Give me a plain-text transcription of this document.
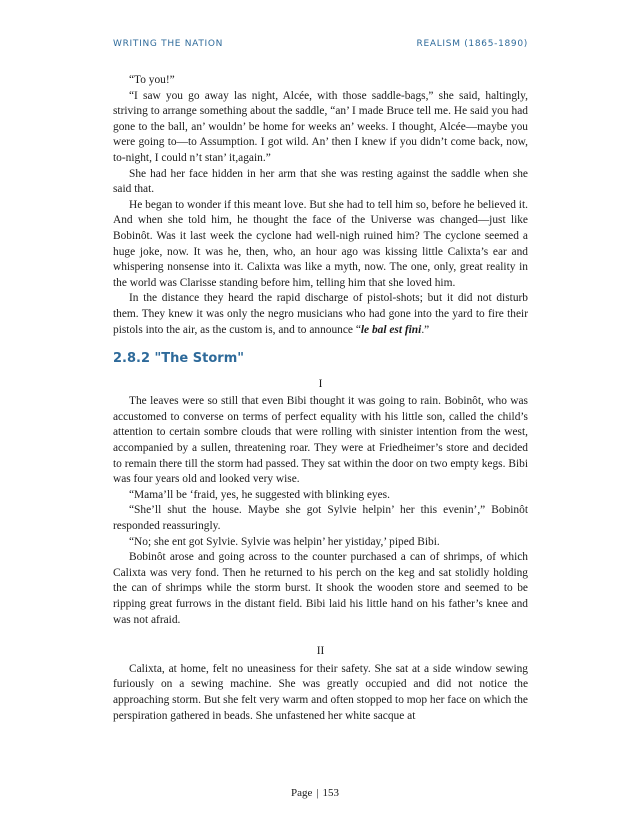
WRITING THE NATION	REALISM (1865-1890)

“To you!”

“I saw you go away las night, Alcée, with those saddle-bags,” she said, haltingly, striving to arrange something about the saddle, “an’ I made Bruce tell me. He said you had gone to the ball, an’ wouldn’ be home for weeks an’ weeks. I thought, Alcée—maybe you were going to—to Assumption. I got wild. An’ then I knew if you didn’t come back, now, to-night, I could n’t stan’ it,again.”

She had her face hidden in her arm that she was resting against the saddle when she said that.

He began to wonder if this meant love. But she had to tell him so, before he believed it. And when she told him, he thought the face of the Universe was changed—just like Bobinôt. Was it last week the cyclone had well-nigh ruined him? The cyclone seemed a huge joke, now. It was he, then, who, an hour ago was kissing little Calixta’s ear and whispering nonsense into it. Calixta was like a myth, now. The one, only, great reality in the world was Clarisse standing before him, telling him that she loved him.

In the distance they heard the rapid discharge of pistol-shots; but it did not disturb them. They knew it was only the negro musicians who had gone into the yard to fire their pistols into the air, as the custom is, and to announce “le bal est fini.”

2.8.2 "The Storm"

I

The leaves were so still that even Bibi thought it was going to rain. Bobinôt, who was accustomed to converse on terms of perfect equality with his little son, called the child’s attention to certain sombre clouds that were rolling with sinister intention from the west, accompanied by a sullen, threatening roar. They were at Friedheimer’s store and decided to remain there till the storm had passed. They sat within the door on two empty kegs. Bibi was four years old and looked very wise.

“Mama’ll be ‘fraid, yes, he suggested with blinking eyes.

“She’ll shut the house. Maybe she got Sylvie helpin’ her this evenin’,” Bobinôt responded reassuringly.

“No; she ent got Sylvie. Sylvie was helpin’ her yistiday,’ piped Bibi.

Bobinôt arose and going across to the counter purchased a can of shrimps, of which Calixta was very fond. Then he returned to his perch on the keg and sat stolidly holding the can of shrimps while the storm burst. It shook the wooden store and seemed to be ripping great furrows in the distant field. Bibi laid his little hand on his father’s knee and was not afraid.

II

Calixta, at home, felt no uneasiness for their safety. She sat at a side window sewing furiously on a sewing machine. She was greatly occupied and did not notice the approaching storm. But she felt very warm and often stopped to mop her face on which the perspiration gathered in beads. She unfastened her white sacque at

Page | 153
